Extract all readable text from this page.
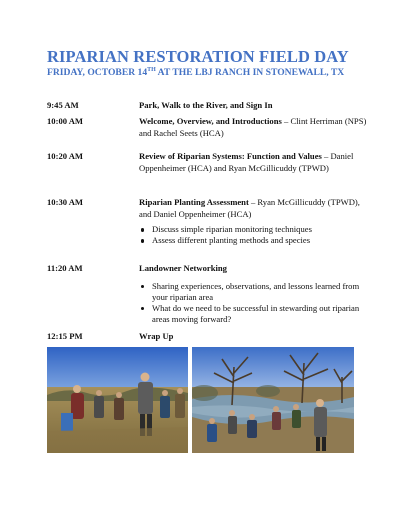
RIPARIAN RESTORATION FIELD DAY
FRIDAY, OCTOBER 14TH AT THE LBJ RANCH IN STONEWALL, TX
9:45 AM	Park, Walk to the River, and Sign In
10:00 AM	Welcome, Overview, and Introductions – Clint Herriman (NPS) and Rachel Seets (HCA)
10:20 AM	Review of Riparian Systems: Function and Values – Daniel Oppenheimer (HCA) and Ryan McGillicuddy (TPWD)
10:30 AM	Riparian Planting Assessment – Ryan McGillicuddy (TPWD), and Daniel Oppenheimer (HCA)
Discuss simple riparian monitoring techniques
Assess different planting methods and species
11:20 AM	Landowner Networking
Sharing experiences, observations, and lessons learned from your riparian area
What do we need to be successful in stewarding out riparian areas moving forward?
12:15 PM	Wrap Up
